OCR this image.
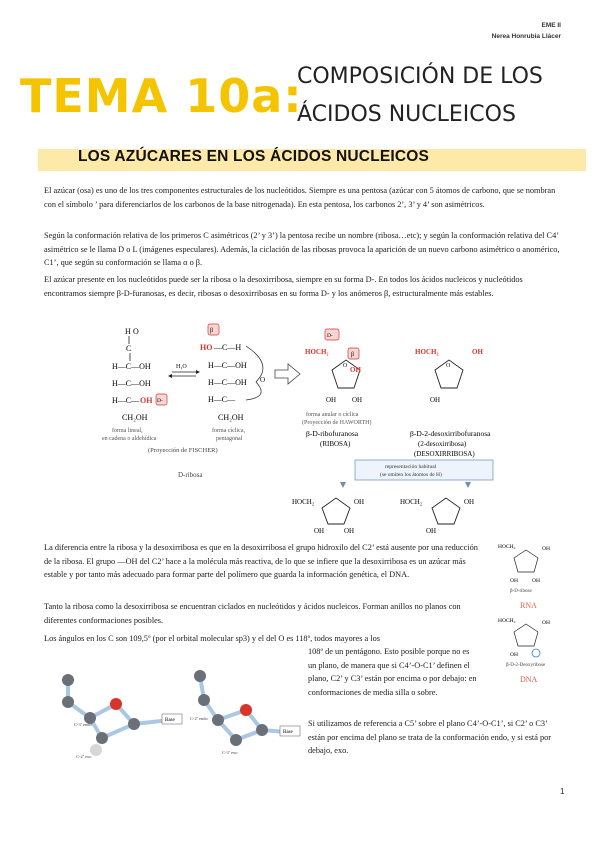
EME II
Nerea Honrubia Llácer
TEMA 10a:
COMPOSICIÓN DE LOS
ÁCIDOS NUCLEICOS
LOS AZÚCARES EN LOS ÁCIDOS NUCLEICOS

El azúcar (osa) es uno de los tres componentes estructurales de los nucleótidos. Siempre es una pentosa (azúcar con 5 átomos de carbono, que se nombran con el símbolo ’ para diferenciarlos de los carbonos de la base nitrogenada). En esta pentosa, los carbonos 2’, 3’ y 4’ son asimétricos.

Según la conformación relativa de los primeros C asimétricos (2’ y 3’) la pentosa recibe un nombre (ribosa…etc); y según la conformación relativa del C4’ asimétrico se le llama D o L (imágenes especulares). Además, la ciclación de las ribosas provoca la aparición de un nuevo carbono asimétrico o anomérico, C1’, que según su conformación se llama α o β.

El azúcar presente en los nucleótidos puede ser la ribosa o la desoxirribosa, siempre en su forma D-. En todos los ácidos nucleicos y nucleótidos encontramos siempre β-D-furanosas, es decir, ribosas o desoxirribosas en su forma D- y los anómeros β, estructuralmente más estables.

H O
C
H—C—OH
H—C—OH
H—C— OH D-
CH₂OH
forma lineal,
en cadena o aldehídica
H₂O
β
HO —C—H
H—C—OH
H—C—OH
H—C—
CH₂OH
O
forma cíclica,
pentagonal
(Proyección de FISCHER)
D-ribosa
D-
HOCH₂	β
O OH
OH OH
forma anular o cíclica
(Proyección de HAWORTH)
β-D-ribofuranosa
(RIBOSA)
HOCH₂
O
OH
OH
β-D-2-desoxirribofuranosa
(2-desoxirribosa)
(DESOXIRRIBOSA)
representación habitual
(se omiten los átomos de H)
HOCH₂	OH
OH	OH
HOCH₂	OH
OH

La diferencia entre la ribosa y la desoxirribosa es que en la desoxirribosa el grupo hidroxilo del C2’ está ausente por una reducción de la ribosa. El grupo —OH del C2’ hace a la molécula más reactiva, de lo que se infiere que la desoxirribosa es un azúcar más estable y por tanto más adecuado para formar parte del polímero que guarda la información genética, el DNA.

HOCH₂	OH
OH	OH
β-D-ribose
RNA
HOCH₂	OH
OH
β-D-2-Deoxyribose
DNA

Tanto la ribosa como la desoxirribosa se encuentran ciclados en nucleótidos y ácidos nucleicos. Forman anillos no planos con diferentes conformaciones posibles.

Los ángulos en los C son 109,5º (por el orbital molecular sp3) y el del O es 118º, todos mayores a los

108º de un pentágono. Esto posible porque no es un plano, de manera que si C4’-O-C1’ definen el plano, C2’ y C3’ están por encima o por debajo: en conformaciones de media silla o sobre.

Si utilizamos de referencia a C5’ sobre el plano C4’-O-C1’, si C2’ o C3’ están por encima del plano se trata de la conformación endo, y si está por debajo, exo.

Base
C-3’ endo
C-2’ exo
Base
C-2’ endo
C-3’ exo
1
